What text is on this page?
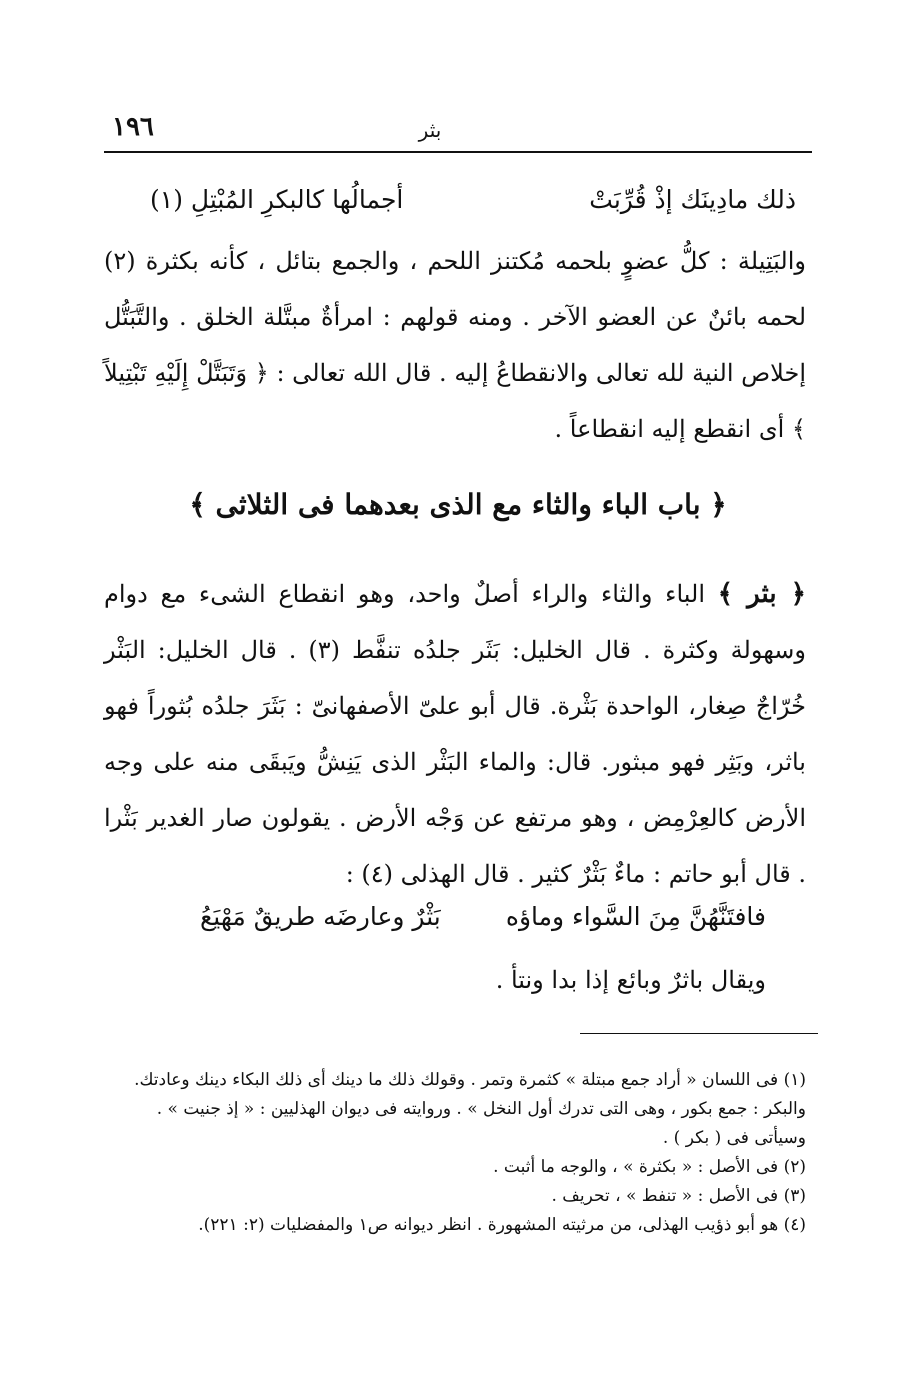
١٩٦	بثر
ذلك مادِينَك إذْ قُرِّبَتْ
أجمالُها كالبكرِ المُبْتِلِ (١)
والبَتِيلة : كلُّ عضوٍ بلحمه مُكتنز اللحم ، والجمع بتائل ، كأنه بكثرة (٢) لحمه بائنٌ عن العضو الآخر . ومنه قولهم : امرأةٌ مبتَّلة الخلق . والتَّبَتُّل إخلاص النية لله تعالى والانقطاعُ إليه . قال الله تعالى : ﴿ وَتَبَتَّلْ إِلَيْهِ تَبْتِيلاً ﴾ أى انقطع إليه انقطاعاً .
﴿ باب الباء والثاء مع الذى بعدهما فى الثلاثى ﴾
﴿ بثر ﴾ الباء والثاء والراء أصلٌ واحد، وهو انقطاع الشىء مع دوام وسهولة وكثرة . قال الخليل: بَثَر جلدُه تنفَّط (٣) . قال الخليل: البَثْر خُرّاجٌ صِغار، الواحدة بَثْرة. قال أبو علىّ الأصفهانىّ : بَثَرَ جلدُه بُثوراً فهو باثر، وبَثِر فهو مبثور. قال: والماء البَثْر الذى يَنِشُّ ويَبقَى منه على وجه الأرض كالعِرْمِض ، وهو مرتفع عن وَجْه الأرض . يقولون صار الغدير بَثْرا . قال أبو حاتم : ماءٌ بَثْرٌ كثير . قال الهذلى (٤) :
فافتَنَّهُنَّ مِنَ السَّواء وماؤه
بَثْرٌ وعارضَه طريقٌ مَهْيَعُ
ويقال باثرٌ وبائع إذا بدا ونتأ .

(١) فى اللسان « أراد جمع مبتلة » كثمرة وتمر . وقولك ذلك ما دينك أى ذلك البكاء دينك وعادتك. والبكر : جمع بكور ، وهى التى تدرك أول النخل » . وروايته فى ديوان الهذليين : « إذ جنيت » . وسيأتى فى ( بكر ) .

(٢) فى الأصل : « بكثرة » ، والوجه ما أثبت .

(٣) فى الأصل : « تنفط » ، تحريف .

(٤) هو أبو ذؤيب الهذلى، من مرثيته المشهورة . انظر ديوانه ص١ والمفضليات (٢: ٢٢١).
